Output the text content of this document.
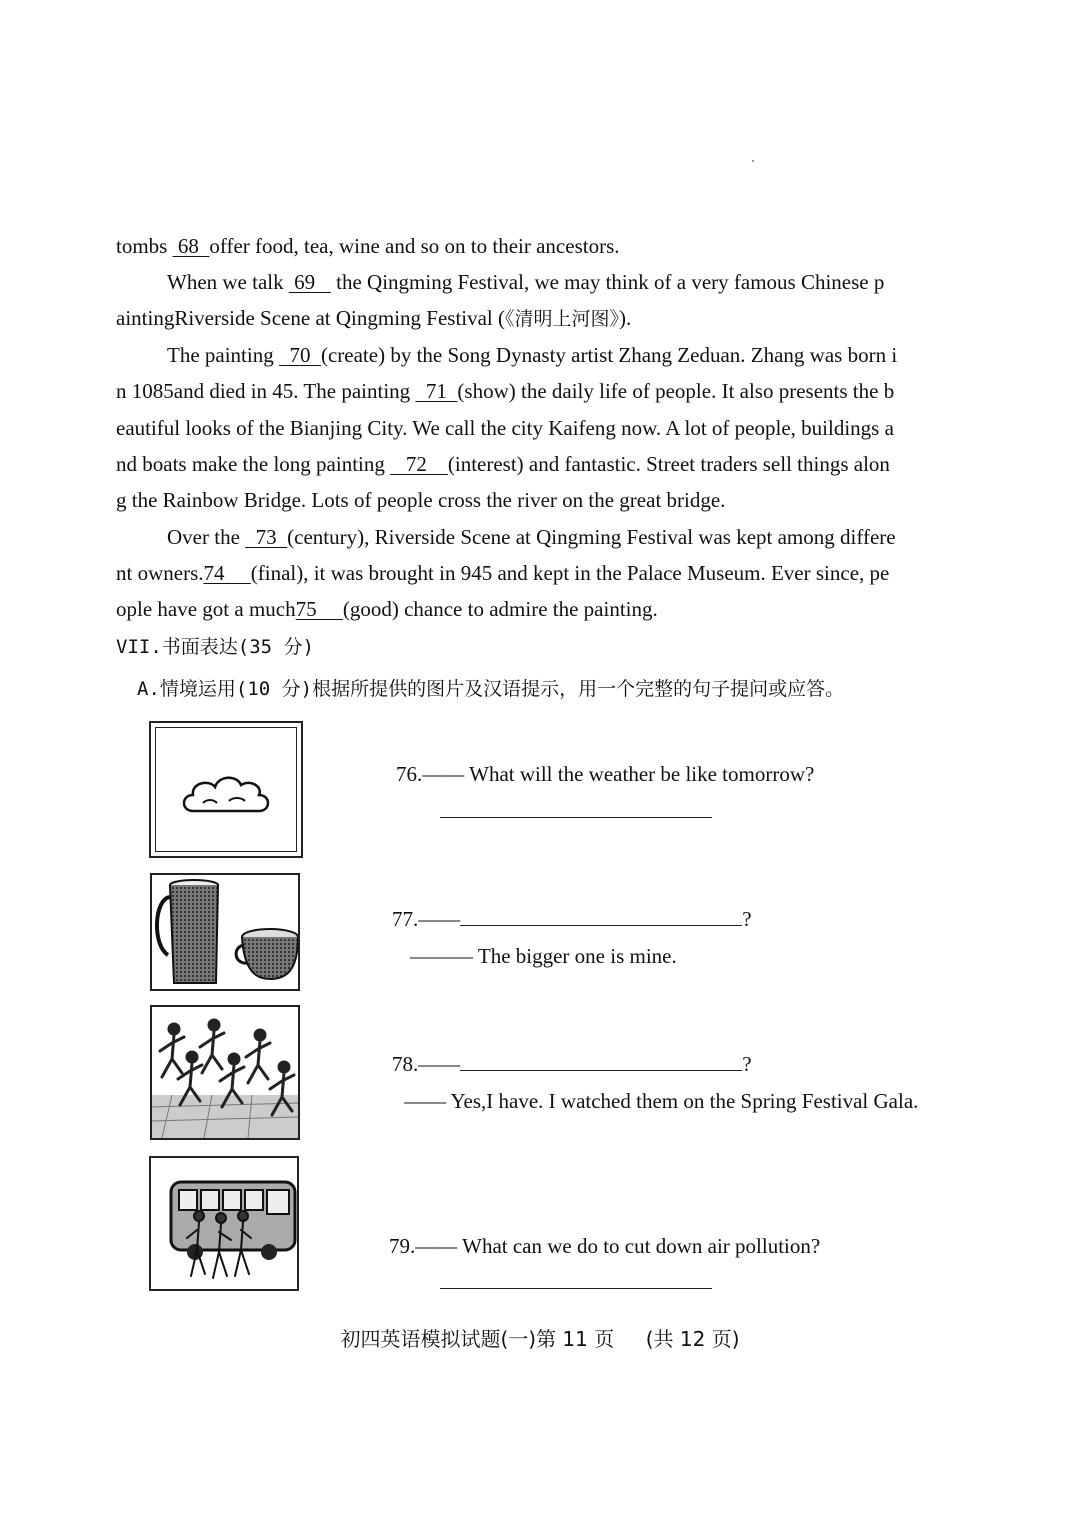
tombs  68  offer food, tea, wine and so on to their ancestors.
When we talk  69    the Qingming Festival, we may think of a very famous Chinese p
aintingRiverside Scene at Qingming Festival (《清明上河图》).
The painting   70  (create) by the Song Dynasty artist Zhang Zeduan. Zhang was born i
n 1085and died in 45. The painting   71  (show) the daily life of people. It also presents the b
eautiful looks of the Bianjing City. We call the city Kaifeng now. A lot of people, buildings a
nd boats make the long painting    72    (interest) and fantastic. Street traders sell things alon
g the Rainbow Bridge. Lots of people cross the river on the great bridge.
Over the   73  (century), Riverside Scene at Qingming Festival was kept among differe
nt owners.74     (final), it was brought in 945 and kept in the Palace Museum. Ever since, pe
ople have got a much75     (good) chance to admire the painting.
VII.书面表达(35 分)
A.情境运用(10 分)根据所提供的图片及汉语提示，用一个完整的句子提问或应答。
76.—— What will the weather be like tomorrow?
77.——	?
——— The bigger one is mine.
78.——	?
—— Yes,I have. I watched them on the Spring Festival Gala.
79.—— What can we do to cut down air pollution?
初四英语模拟试题(一)第 11 页 (共 12 页)
